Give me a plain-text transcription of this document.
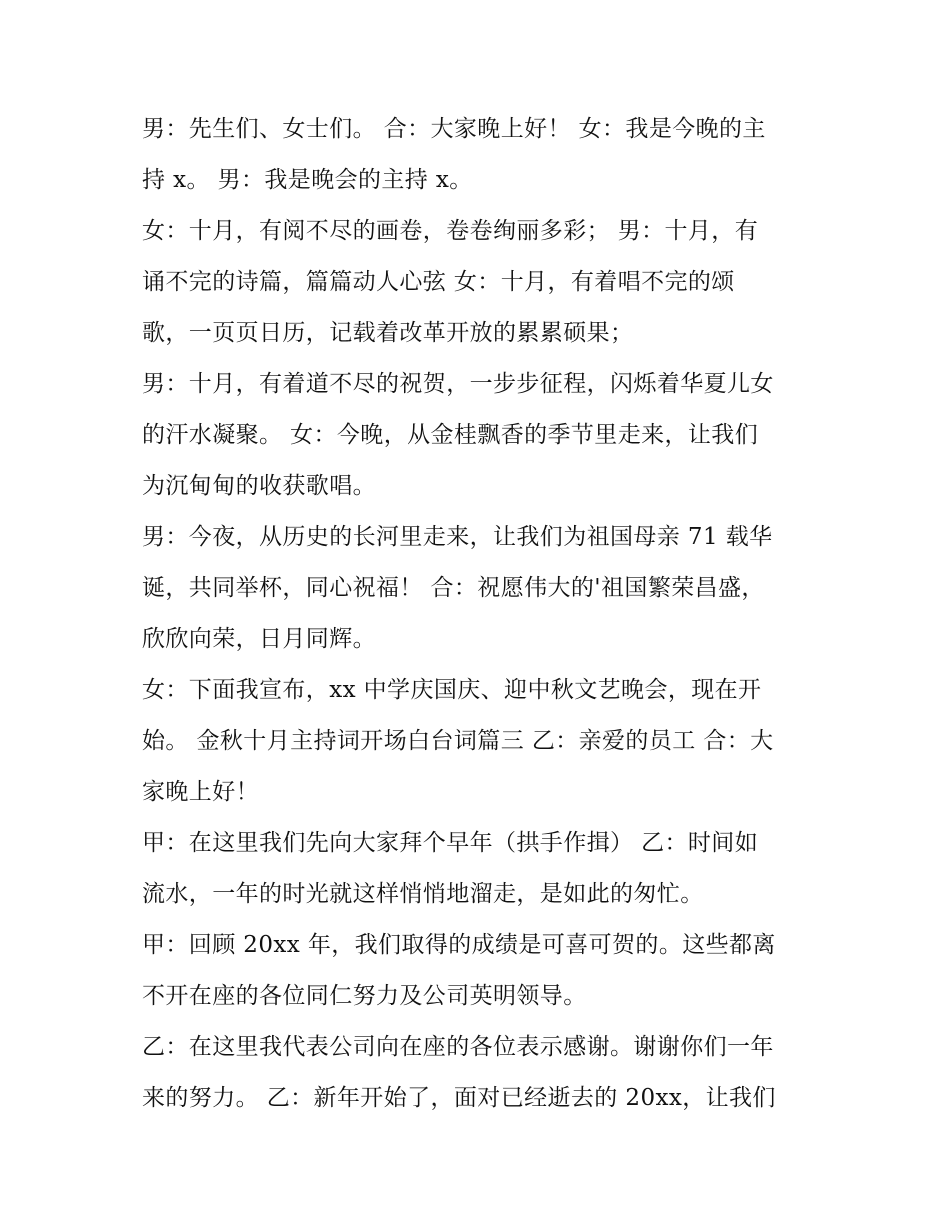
男：先生们、女士们。 合：大家晚上好！ 女：我是今晚的主
持 x。 男：我是晚会的主持 x。

女：十月，有阅不尽的画卷，卷卷绚丽多彩； 男：十月，有
诵不完的诗篇，篇篇动人心弦 女：十月，有着唱不完的颂
歌，一页页日历，记载着改革开放的累累硕果；

男：十月，有着道不尽的祝贺，一步步征程，闪烁着华夏儿女
的汗水凝聚。 女：今晚，从金桂飘香的季节里走来，让我们
为沉甸甸的收获歌唱。

男：今夜，从历史的长河里走来，让我们为祖国母亲 71 载华
诞，共同举杯，同心祝福！ 合：祝愿伟大的'祖国繁荣昌盛，
欣欣向荣，日月同辉。

女：下面我宣布，xx 中学庆国庆、迎中秋文艺晚会，现在开
始。 金秋十月主持词开场白台词篇三 乙：亲爱的员工 合：大
家晚上好！

甲：在这里我们先向大家拜个早年（拱手作揖） 乙：时间如
流水，一年的时光就这样悄悄地溜走，是如此的匆忙。

甲：回顾 20xx 年，我们取得的成绩是可喜可贺的。这些都离
不开在座的各位同仁努力及公司英明领导。

乙：在这里我代表公司向在座的各位表示感谢。谢谢你们一年
来的努力。 乙：新年开始了，面对已经逝去的 20xx，让我们
